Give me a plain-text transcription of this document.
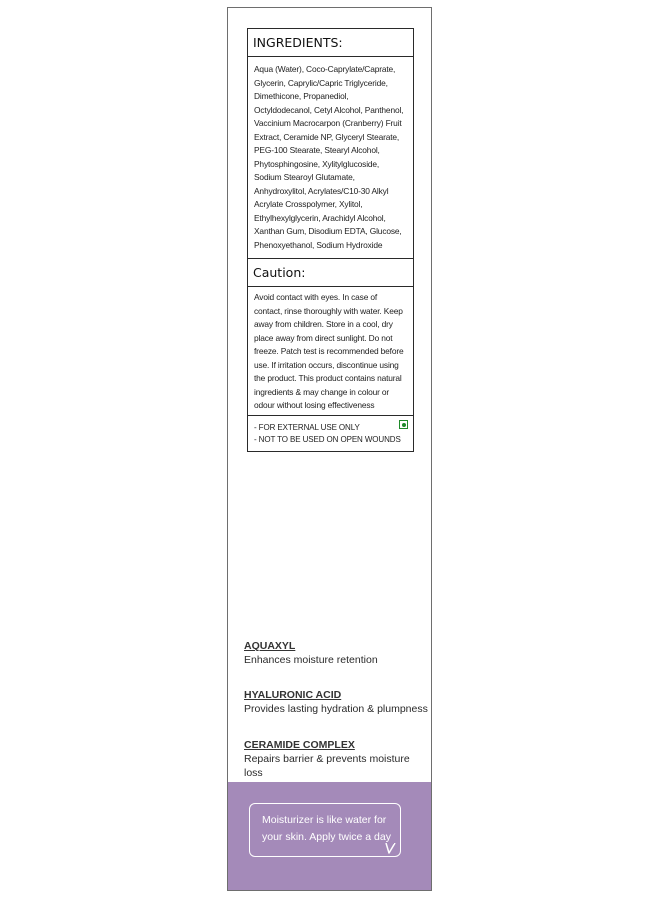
INGREDIENTS:
Aqua (Water), Coco-Caprylate/Caprate, Glycerin, Caprylic/Capric Triglyceride, Dimethicone, Propanediol, Octyldodecanol, Cetyl Alcohol, Panthenol, Vaccinium Macrocarpon (Cranberry) Fruit Extract, Ceramide NP, Glyceryl Stearate, PEG-100 Stearate, Stearyl Alcohol, Phytosphingosine, Xylitylglucoside, Sodium Stearoyl Glutamate, Anhydroxylitol, Acrylates/C10-30 Alkyl Acrylate Crosspolymer, Xylitol, Ethylhexylglycerin, Arachidyl Alcohol, Xanthan Gum, Disodium EDTA, Glucose, Phenoxyethanol, Sodium Hydroxide
Caution:
Avoid contact with eyes. In case of contact, rinse thoroughly with water. Keep away from children. Store in a cool, dry place away from direct sunlight. Do not freeze. Patch test is recommended before use. If irritation occurs, discontinue using the product. This product contains natural ingredients & may change in colour or odour without losing effectiveness
- FOR EXTERNAL USE ONLY
- NOT TO BE USED ON OPEN WOUNDS
AQUAXYL
Enhances moisture retention
HYALURONIC ACID
Provides lasting hydration & plumpness
CERAMIDE COMPLEX
Repairs barrier & prevents moisture loss
Moisturizer is like water for
your skin. Apply twice a day
